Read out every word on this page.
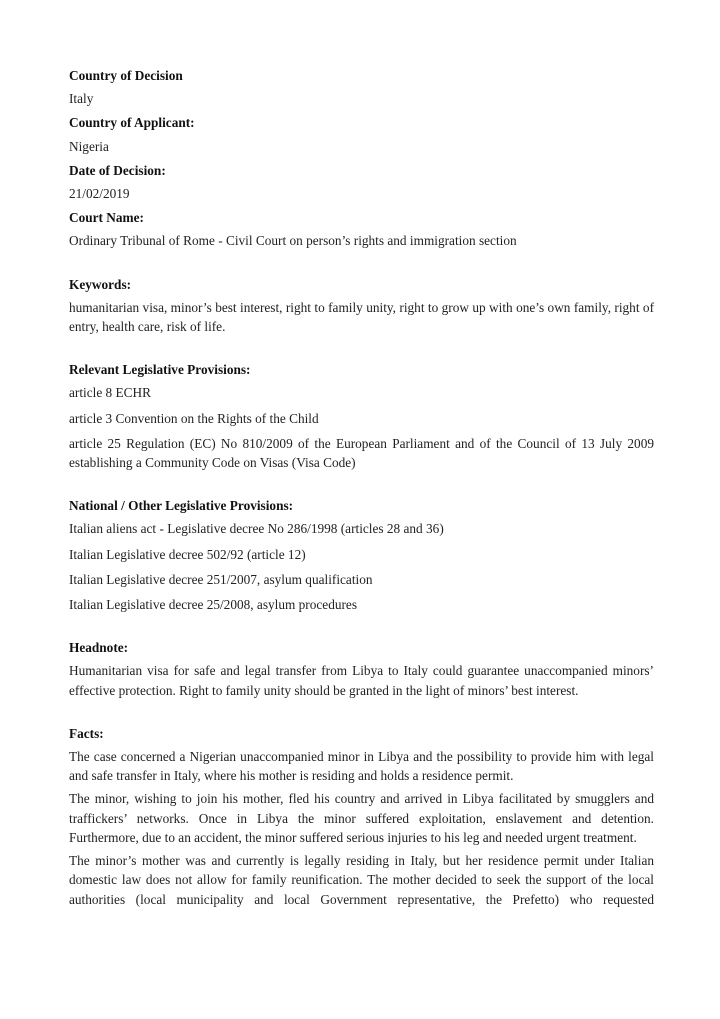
Country of Decision

Italy

Country of Applicant:

Nigeria

Date of Decision:

21/02/2019

Court Name:

Ordinary Tribunal of Rome - Civil Court on person’s rights and immigration section

Keywords:

humanitarian visa, minor’s best interest, right to family unity, right to grow up with one’s own family, right of entry, health care, risk of life.

Relevant Legislative Provisions:

article 8 ECHR

article 3 Convention on the Rights of the Child

article 25 Regulation (EC) No 810/2009 of the European Parliament and of the Council of 13 July 2009 establishing a Community Code on Visas (Visa Code)

National / Other Legislative Provisions:

Italian aliens act - Legislative decree No 286/1998 (articles 28 and 36)

Italian Legislative decree 502/92 (article 12)

Italian Legislative decree 251/2007, asylum qualification

Italian Legislative decree 25/2008, asylum procedures

Headnote:

Humanitarian visa for safe and legal transfer from Libya to Italy could guarantee unaccompanied minors’ effective protection. Right to family unity should be granted in the light of minors’ best interest.

Facts:

The case concerned a Nigerian unaccompanied minor in Libya and the possibility to provide him with legal and safe transfer in Italy, where his mother is residing and holds a residence permit.

The minor, wishing to join his mother, fled his country and arrived in Libya facilitated by smugglers and traffickers’ networks. Once in Libya the minor suffered exploitation, enslavement and detention. Furthermore, due to an accident, the minor suffered serious injuries to his leg and needed urgent treatment.

The minor’s mother was and currently is legally residing in Italy, but her residence permit under Italian domestic law does not allow for family reunification. The mother decided to seek the support of the local authorities (local municipality and local Government representative, the Prefetto) who requested
